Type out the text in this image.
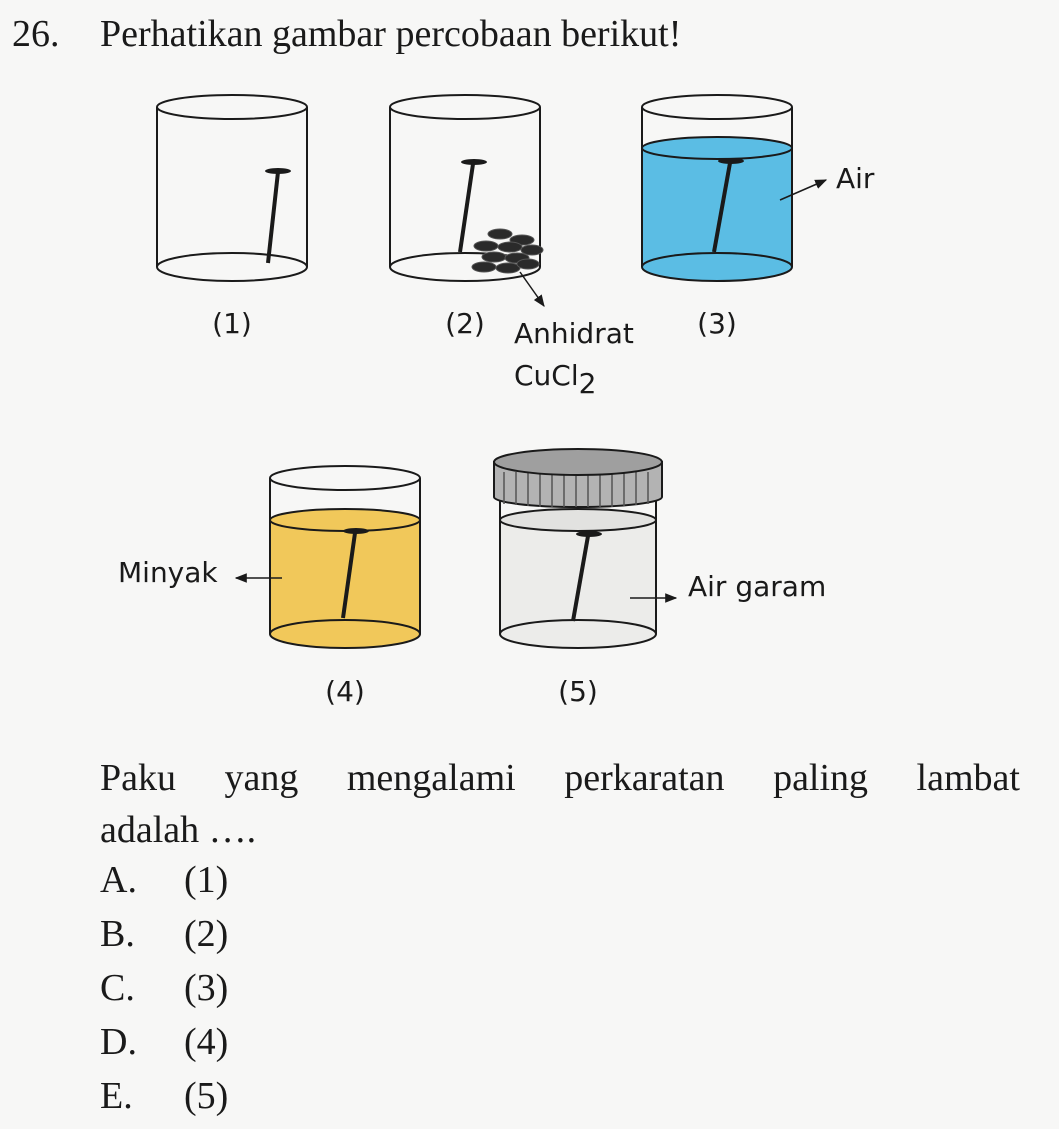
26. Perhatikan gambar percobaan berikut!
(1)	(2)	(3)
(4)	(5)
Anhidrat
CuCl2
Air
Minyak	Air garam
Paku yang mengalami perkaratan paling lambat
adalah ….
A.	(1)
B.	(2)
C.	(3)
D.	(4)
E.	(5)
